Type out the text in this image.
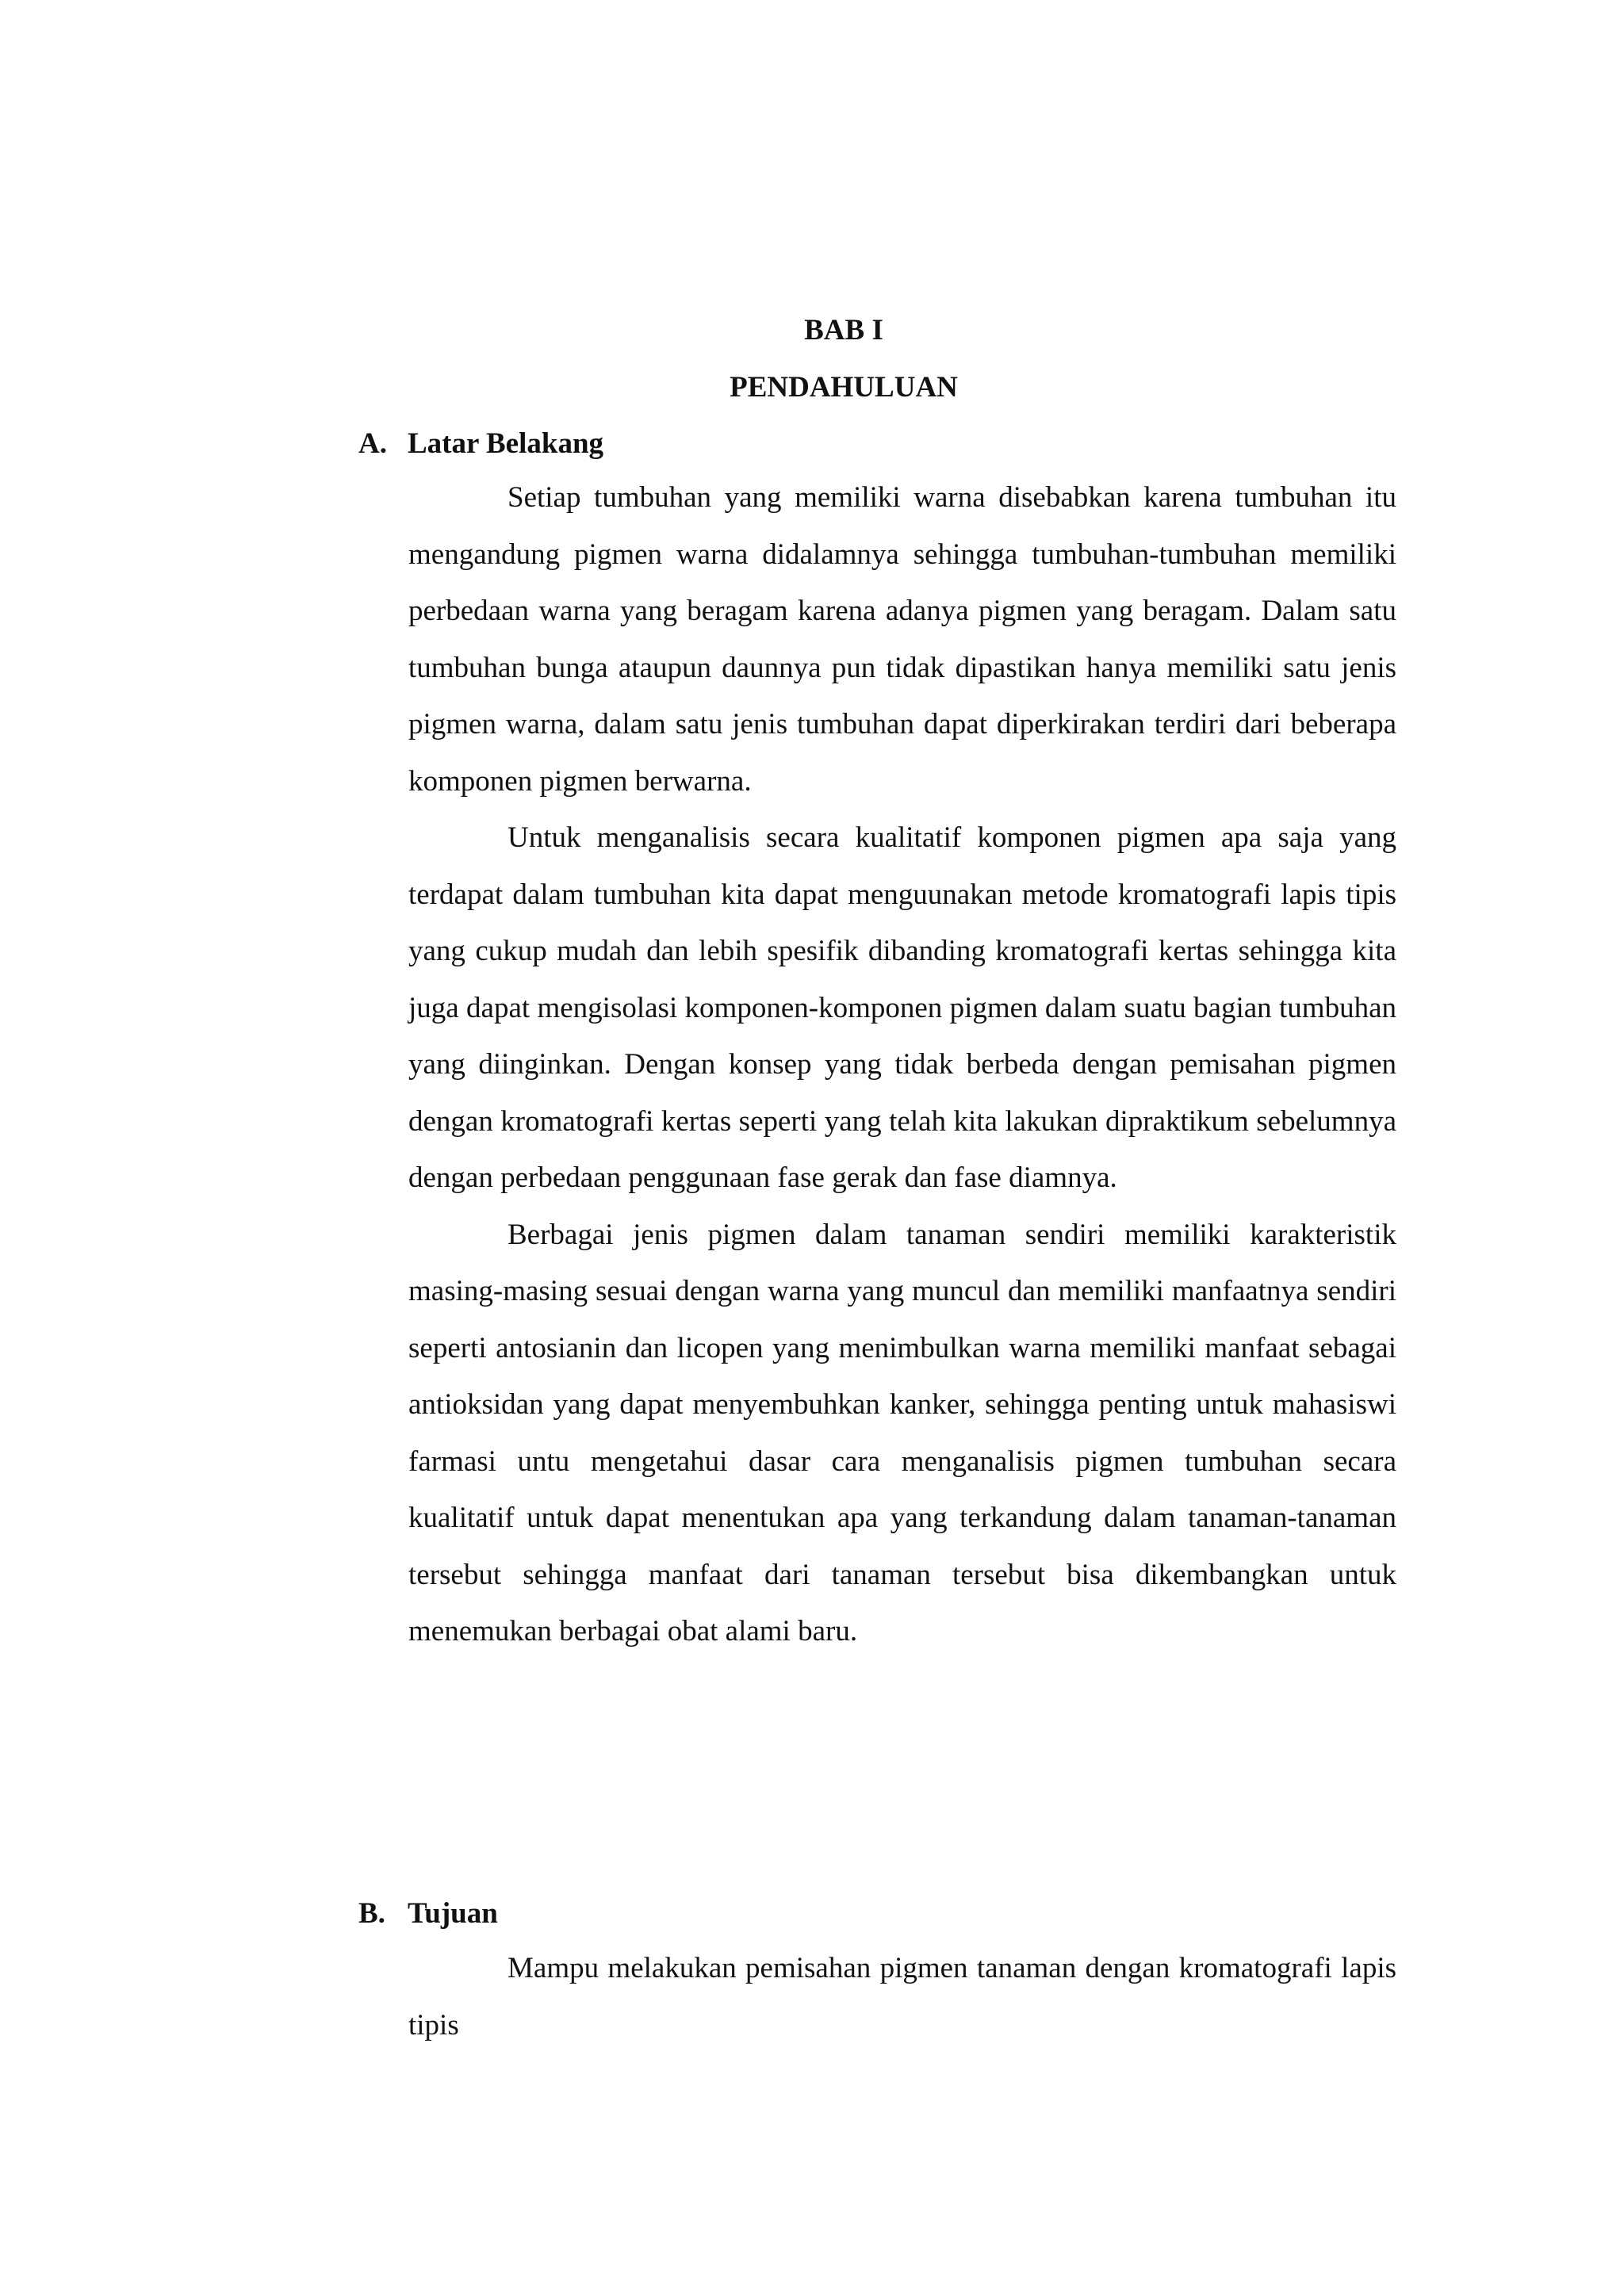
BAB I
PENDAHULUAN
A. Latar Belakang

Setiap tumbuhan yang memiliki warna disebabkan karena tumbuhan itu mengandung pigmen warna didalamnya sehingga tumbuhan-tumbuhan memiliki perbedaan warna yang beragam karena adanya pigmen yang beragam. Dalam satu tumbuhan bunga ataupun daunnya pun tidak dipastikan hanya memiliki satu jenis pigmen warna, dalam satu jenis tumbuhan dapat diperkirakan terdiri dari beberapa komponen pigmen berwarna.

Untuk menganalisis secara kualitatif komponen pigmen apa saja yang terdapat dalam tumbuhan kita dapat menguunakan metode kromatografi lapis tipis yang cukup mudah dan lebih spesifik dibanding kromatografi kertas sehingga kita juga dapat mengisolasi komponen-komponen pigmen dalam suatu bagian tumbuhan yang diinginkan. Dengan konsep yang tidak berbeda dengan pemisahan pigmen dengan kromatografi kertas seperti yang telah kita lakukan dipraktikum sebelumnya dengan perbedaan penggunaan fase gerak dan fase diamnya.

Berbagai jenis pigmen dalam tanaman sendiri memiliki karakteristik masing-masing sesuai dengan warna yang muncul dan memiliki manfaatnya sendiri seperti antosianin dan licopen yang menimbulkan warna memiliki manfaat sebagai antioksidan yang dapat menyembuhkan kanker, sehingga penting untuk mahasiswi farmasi untu mengetahui dasar cara menganalisis pigmen tumbuhan secara kualitatif untuk dapat menentukan apa yang terkandung dalam tanaman-tanaman tersebut sehingga manfaat dari tanaman tersebut bisa dikembangkan untuk menemukan berbagai obat alami baru.

B. Tujuan

Mampu melakukan pemisahan pigmen tanaman dengan kromatografi lapis tipis
